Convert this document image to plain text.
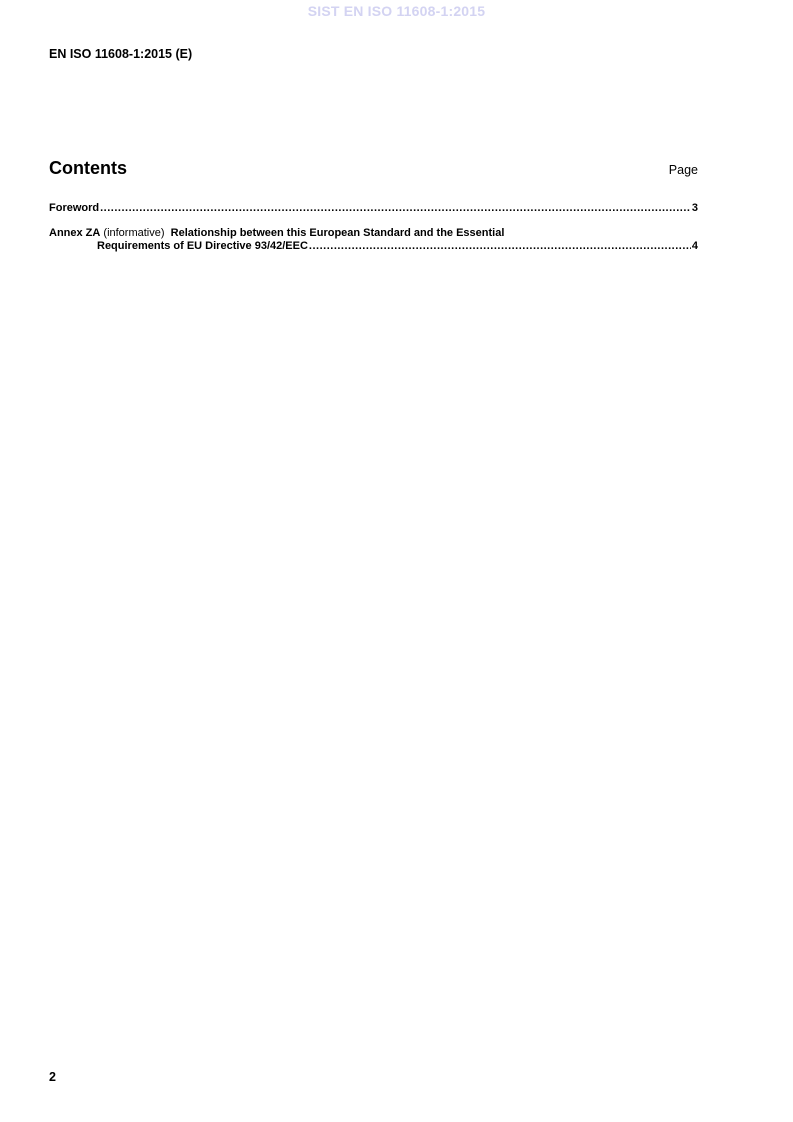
SIST EN ISO 11608-1:2015
EN ISO 11608-1:2015 (E)
Contents	Page
Foreword .....	3
Annex ZA
(informative)
Relationship between this European Standard and the Essential
Requirements of EU Directive 93/42/EEC .....	4
2
